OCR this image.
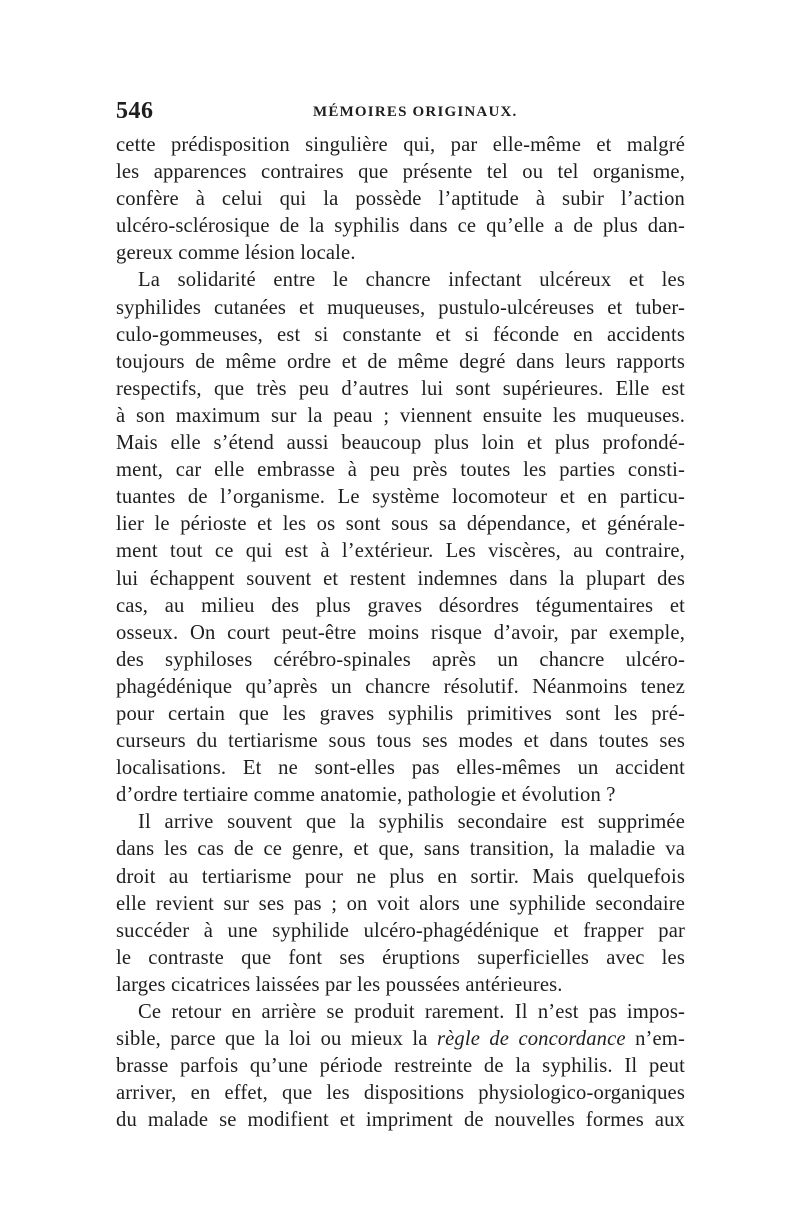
546	MÉMOIRES ORIGINAUX.
cette prédisposition singulière qui, par elle-même et malgré
les apparences contraires que présente tel ou tel organisme,
confère à celui qui la possède l’aptitude à subir l’action
ulcéro-sclérosique de la syphilis dans ce qu’elle a de plus dan-
gereux comme lésion locale.
La solidarité entre le chancre infectant ulcéreux et les
syphilides cutanées et muqueuses, pustulo-ulcéreuses et tuber-
culo-gommeuses, est si constante et si féconde en accidents
toujours de même ordre et de même degré dans leurs rapports
respectifs, que très peu d’autres lui sont supérieures. Elle est
à son maximum sur la peau ; viennent ensuite les muqueuses.
Mais elle s’étend aussi beaucoup plus loin et plus profondé-
ment, car elle embrasse à peu près toutes les parties consti-
tuantes de l’organisme. Le système locomoteur et en particu-
lier le périoste et les os sont sous sa dépendance, et générale-
ment tout ce qui est à l’extérieur. Les viscères, au contraire,
lui échappent souvent et restent indemnes dans la plupart des
cas, au milieu des plus graves désordres tégumentaires et
osseux. On court peut-être moins risque d’avoir, par exemple,
des syphiloses cérébro-spinales après un chancre ulcéro-
phagédénique qu’après un chancre résolutif. Néanmoins tenez
pour certain que les graves syphilis primitives sont les pré-
curseurs du tertiarisme sous tous ses modes et dans toutes ses
localisations. Et ne sont-elles pas elles-mêmes un accident
d’ordre tertiaire comme anatomie, pathologie et évolution ?
Il arrive souvent que la syphilis secondaire est supprimée
dans les cas de ce genre, et que, sans transition, la maladie va
droit au tertiarisme pour ne plus en sortir. Mais quelquefois
elle revient sur ses pas ; on voit alors une syphilide secondaire
succéder à une syphilide ulcéro-phagédénique et frapper par
le contraste que font ses éruptions superficielles avec les
larges cicatrices laissées par les poussées antérieures.
Ce retour en arrière se produit rarement. Il n’est pas impos-
sible, parce que la loi ou mieux la règle de concordance n’em-
brasse parfois qu’une période restreinte de la syphilis. Il peut
arriver, en effet, que les dispositions physiologico-organiques
du malade se modifient et impriment de nouvelles formes aux
